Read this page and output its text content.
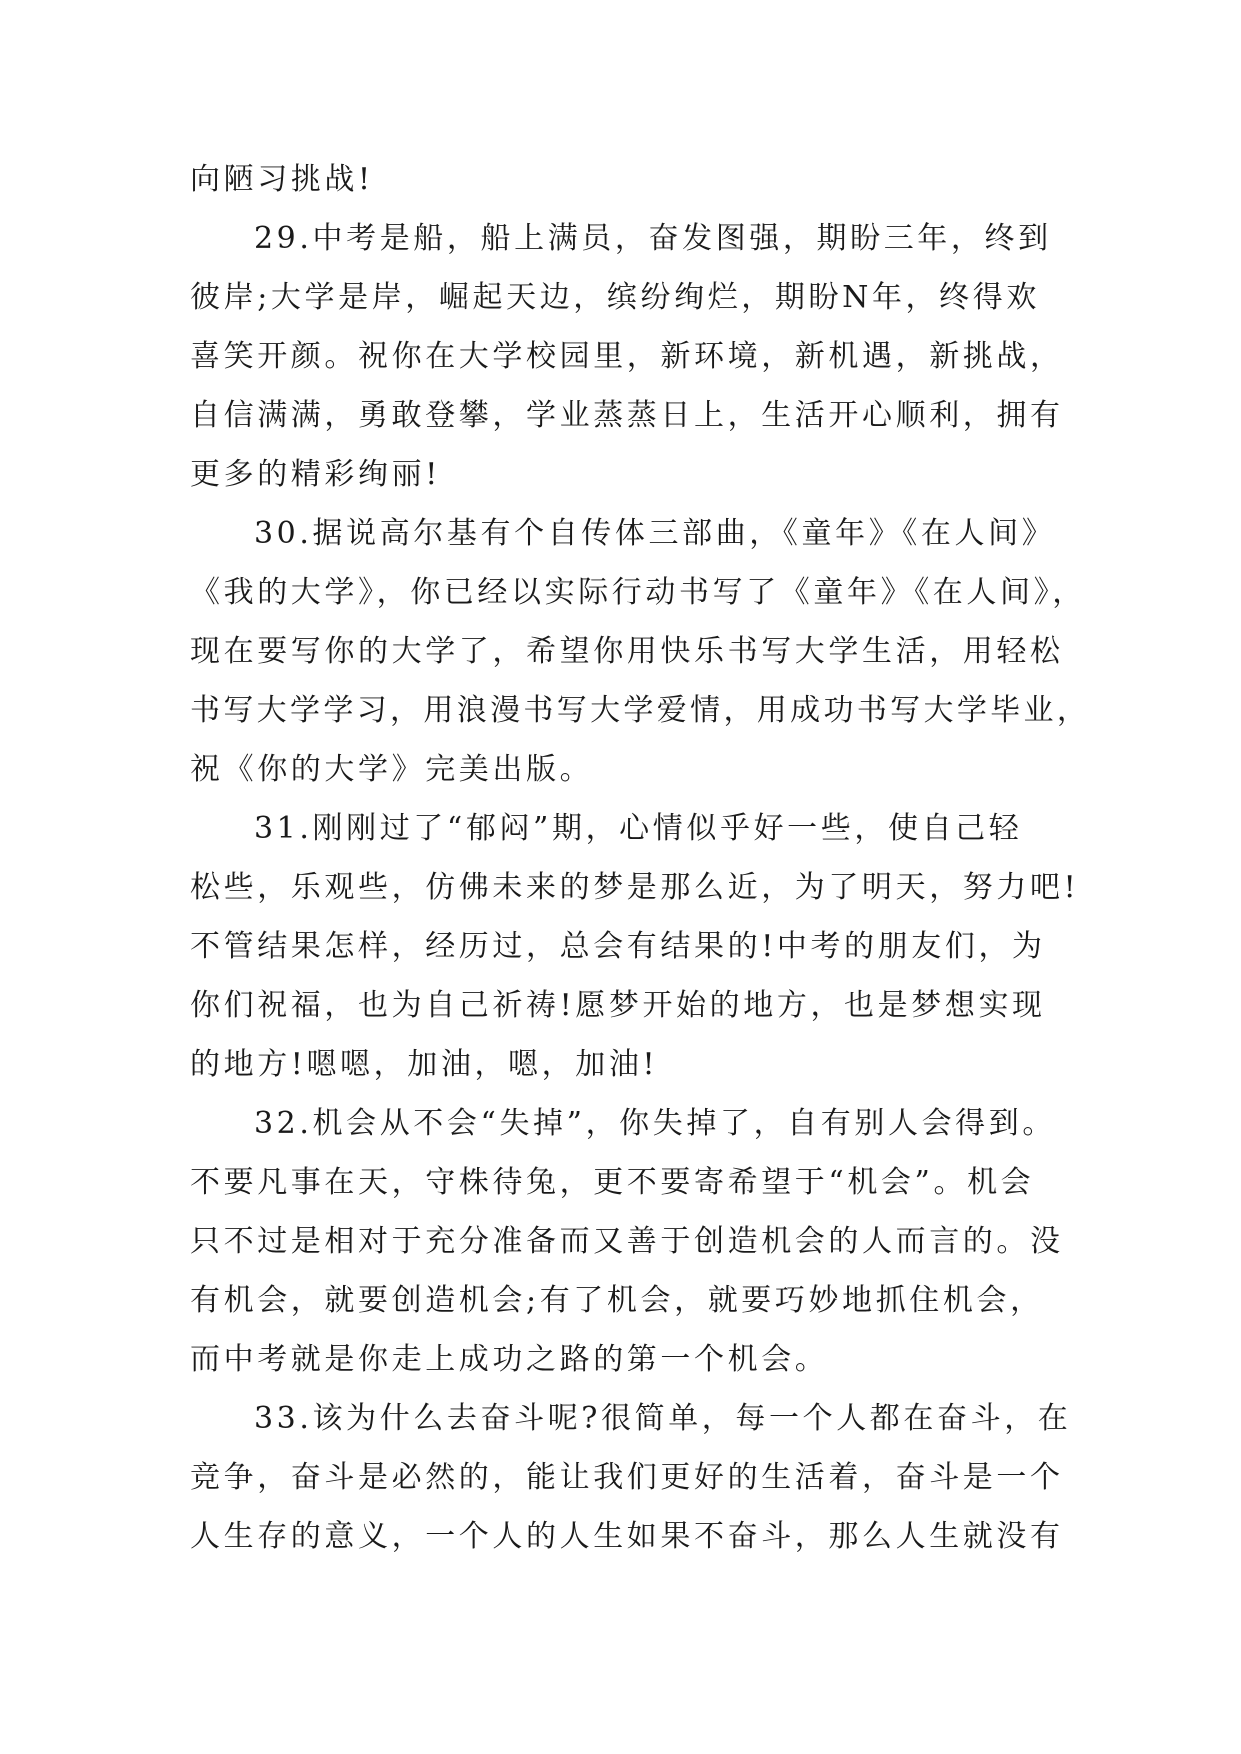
向陋习挑战!
29.中考是船，船上满员，奋发图强，期盼三年，终到
彼岸;大学是岸，崛起天边，缤纷绚烂，期盼N年，终得欢
喜笑开颜。祝你在大学校园里，新环境，新机遇，新挑战，
自信满满，勇敢登攀，学业蒸蒸日上，生活开心顺利，拥有
更多的精彩绚丽!
30.据说高尔基有个自传体三部曲，《童年》《在人间》
《我的大学》，你已经以实际行动书写了《童年》《在人间》，
现在要写你的大学了，希望你用快乐书写大学生活，用轻松
书写大学学习，用浪漫书写大学爱情，用成功书写大学毕业，
祝《你的大学》完美出版。
31.刚刚过了“郁闷”期，心情似乎好一些，使自己轻
松些，乐观些，仿佛未来的梦是那么近，为了明天，努力吧!
不管结果怎样，经历过，总会有结果的!中考的朋友们，为
你们祝福，也为自己祈祷!愿梦开始的地方，也是梦想实现
的地方!嗯嗯，加油，嗯，加油!
32.机会从不会“失掉”，你失掉了，自有别人会得到。
不要凡事在天，守株待兔，更不要寄希望于“机会”。机会
只不过是相对于充分准备而又善于创造机会的人而言的。没
有机会，就要创造机会;有了机会，就要巧妙地抓住机会，
而中考就是你走上成功之路的第一个机会。
33.该为什么去奋斗呢?很简单，每一个人都在奋斗，在
竞争，奋斗是必然的，能让我们更好的生活着，奋斗是一个
人生存的意义，一个人的人生如果不奋斗，那么人生就没有
